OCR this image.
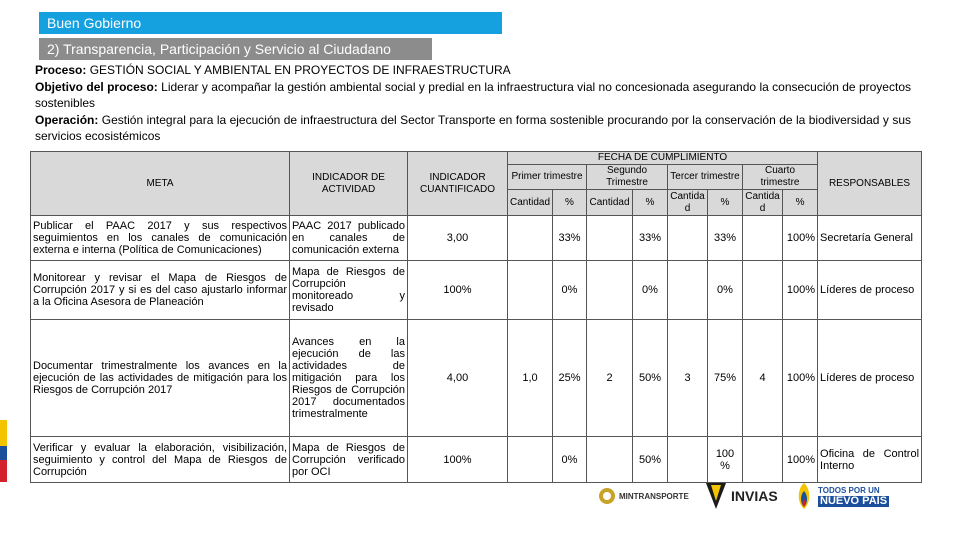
Buen Gobierno
2) Transparencia, Participación y Servicio al Ciudadano

Proceso: GESTIÓN SOCIAL Y AMBIENTAL EN PROYECTOS DE INFRAESTRUCTURA

Objetivo del proceso: Liderar y acompañar la gestión ambiental social y predial en la infraestructura vial no concesionada asegurando la consecución de proyectos sostenibles

Operación: Gestión integral para la ejecución de infraestructura del Sector Transporte en forma sostenible procurando por la conservación de la biodiversidad y sus servicios ecosistémicos

META	INDICADOR DE ACTIVIDAD	INDICADOR CUANTIFICADO	FECHA DE CUMPLIMIENTO								RESPONSABLES
			Primer trimestre		Segundo Trimestre		Tercer trimestre		Cuarto trimestre		
			Cantidad	%	Cantidad	%	Cantida d	%	Cantida d	%	
Publicar el PAAC 2017 y sus respectivos seguimientos en los canales de comunicación externa e interna (Política de Comunicaciones)	PAAC 2017 publicado en canales de comunicación externa	3,00		33%		33%		33%		100%	Secretaría General
Monitorear y revisar el Mapa de Riesgos de Corrupción 2017 y si es del caso ajustarlo informar a la Oficina Asesora de Planeación	Mapa de Riesgos de Corrupción monitoreado y revisado	100%		0%		0%		0%		100%	Líderes de proceso
Documentar trimestralmente los avances en la ejecución de las actividades de mitigación para los Riesgos de Corrupción 2017	Avances en la ejecución de las actividades de mitigación para los Riesgos de Corrupción 2017 documentados trimestralmente	4,00	1,0	25%	2	50%	3	75%	4	100%	Líderes de proceso
Verificar y evaluar la elaboración, visibilización, seguimiento y control del Mapa de Riesgos de Corrupción	Mapa de Riesgos de Corrupción verificado por OCI	100%		0%		50%		100 %		100%	Oficina de Control Interno
MINTRANSPORTE	INVIAS	TODOS POR UN
NUEVO PAÍS
